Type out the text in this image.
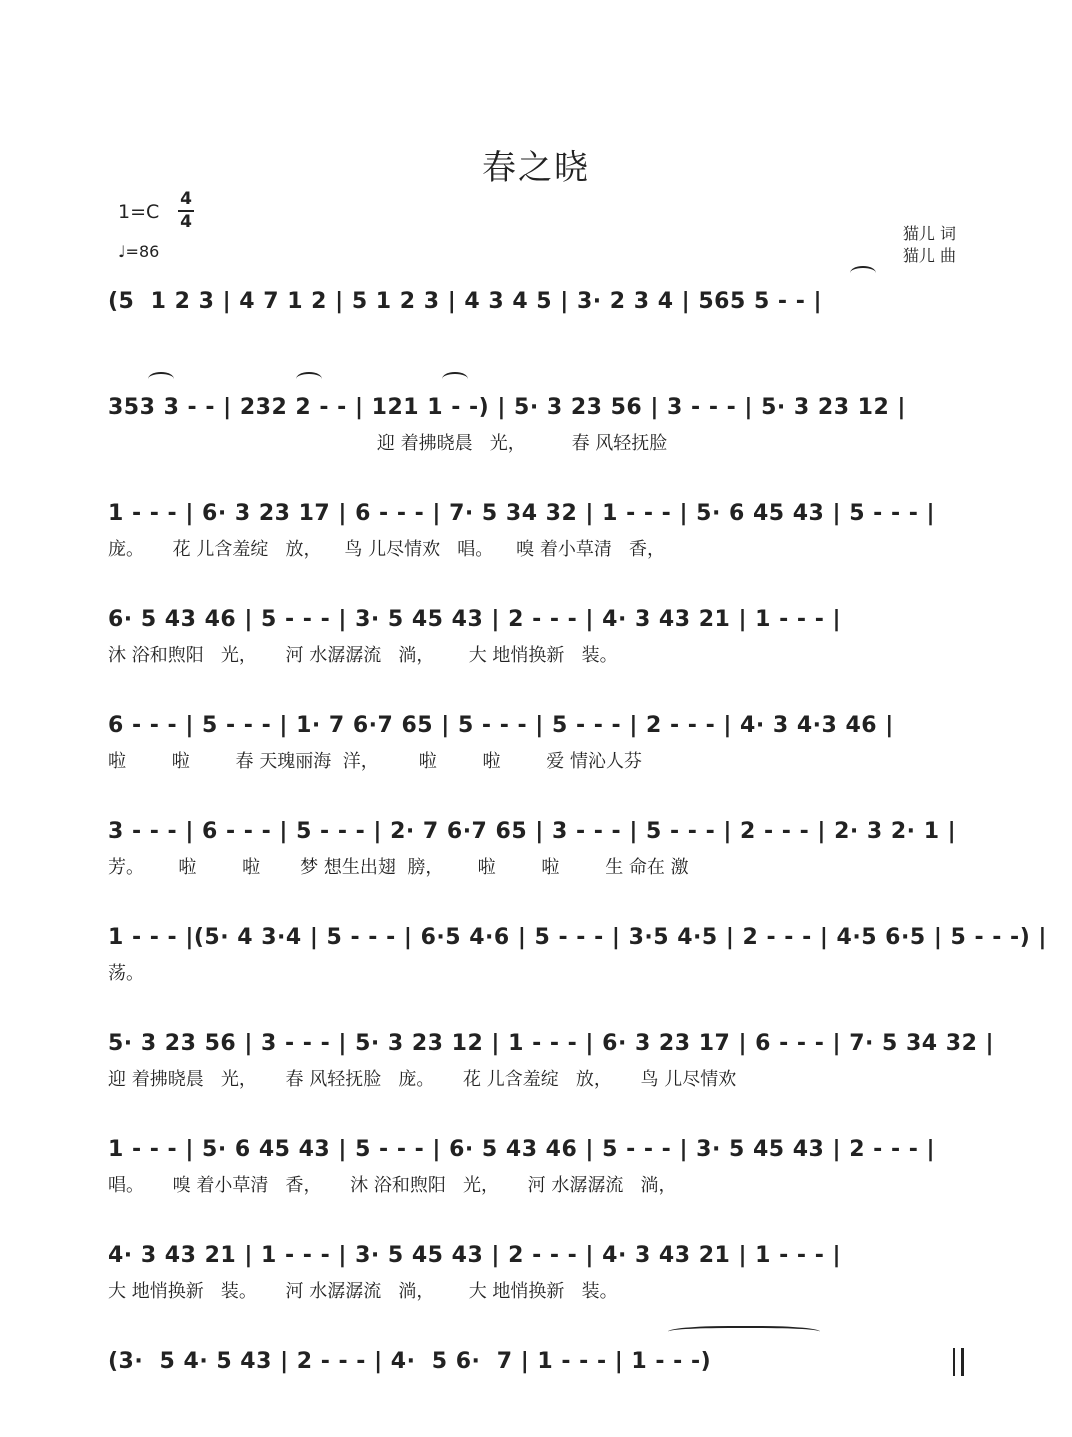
春之晓
1=C
4
4
♩=86
猫儿 词
猫儿 曲
(5  1 2 3 | 4 7 1 2 | 5 1 2 3 | 4 3 4 5 | 3· 2 3 4 | 565 5 - - |
353 3 - - | 232 2 - - | 121 1 - -) | 5· 3 23 56 | 3 - - - | 5· 3 23 12 |
迎 着拂晓晨   光，        春 风轻抚脸
1 - - - | 6· 3 23 17 | 6 - - - | 7· 5 34 32 | 1 - - - | 5· 6 45 43 | 5 - - - |
庞。     花 儿含羞绽   放，    鸟 儿尽情欢   唱。    嗅 着小草清   香，
6· 5 43 46 | 5 - - - | 3· 5 45 43 | 2 - - - | 4· 3 43 21 | 1 - - - |
沐 浴和煦阳   光，     河 水潺潺流   淌，      大 地悄换新   装。
6 - - - | 5 - - - | 1· 7 6·7 65 | 5 - - - | 5 - - - | 2 - - - | 4· 3 4·3 46 |
啦        啦        春 天瑰丽海  洋，       啦        啦        爱 情沁人芬
3 - - - | 6 - - - | 5 - - - | 2· 7 6·7 65 | 3 - - - | 5 - - - | 2 - - - | 2· 3 2· 1 |
芳。      啦        啦       梦 想生出翅  膀，      啦        啦        生 命在 激
1 - - - |(5· 4 3·4 | 5 - - - | 6·5 4·6 | 5 - - - | 3·5 4·5 | 2 - - - | 4·5 6·5 | 5 - - -) |
荡。
5· 3 23 56 | 3 - - - | 5· 3 23 12 | 1 - - - | 6· 3 23 17 | 6 - - - | 7· 5 34 32 |
迎 着拂晓晨   光，     春 风轻抚脸   庞。     花 儿含羞绽   放，     鸟 儿尽情欢
1 - - - | 5· 6 45 43 | 5 - - - | 6· 5 43 46 | 5 - - - | 3· 5 45 43 | 2 - - - |
唱。     嗅 着小草清   香，     沐 浴和煦阳   光，     河 水潺潺流   淌，
4· 3 43 21 | 1 - - - | 3· 5 45 43 | 2 - - - | 4· 3 43 21 | 1 - - - |
大 地悄换新   装。     河 水潺潺流   淌，      大 地悄换新   装。
(3·  5 4· 5 43 | 2 - - - | 4·  5 6·  7 | 1 - - - | 1 - - -)
